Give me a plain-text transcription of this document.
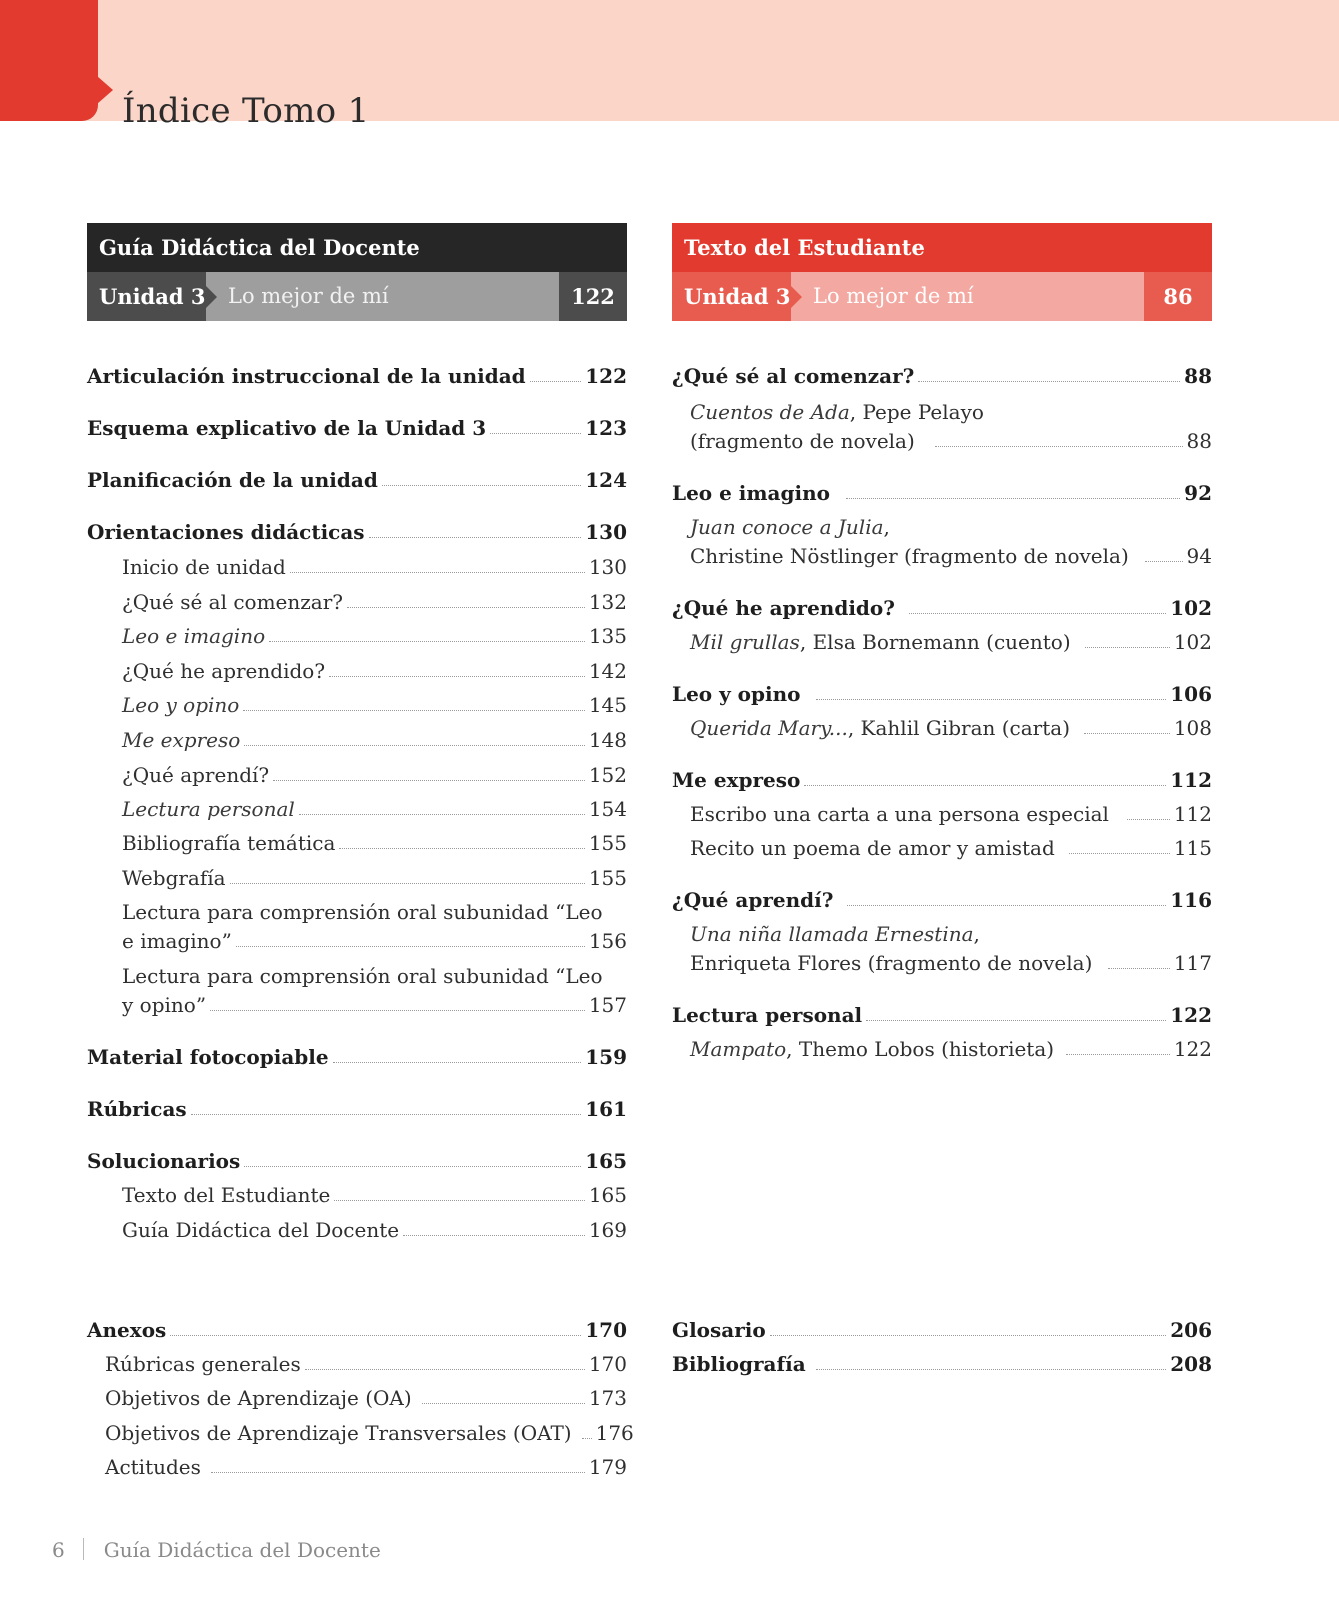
Índice Tomo 1
Guía Didáctica del Docente
Unidad 3	Lo mejor de mí	122
Texto del Estudiante
Unidad 3	Lo mejor de mí	86
Articulación instruccional de la unidad	122
Esquema explicativo de la Unidad 3	123
Planificación de la unidad	124
Orientaciones didácticas	130
Inicio de unidad	130
¿Qué sé al comenzar?	132
Leo e imagino	135
¿Qué he aprendido?	142
Leo y opino	145
Me expreso	148
¿Qué aprendí?	152
Lectura personal	154
Bibliografía temática	155
Webgrafía	155
Lectura para comprensión oral subunidad “Leo
e imagino”	156
Lectura para comprensión oral subunidad “Leo
y opino”	157
Material fotocopiable	159
Rúbricas	161
Solucionarios	165
Texto del Estudiante	165
Guía Didáctica del Docente	169
¿Qué sé al comenzar?	88
Cuentos de Ada, Pepe Pelayo
(fragmento de novela)	88
Leo e imagino	92
Juan conoce a Julia,
Christine Nöstlinger (fragmento de novela)	94
¿Qué he aprendido?	102
Mil grullas, Elsa Bornemann (cuento)	102
Leo y opino	106
Querida Mary..., Kahlil Gibran (carta)	108
Me expreso	112
Escribo una carta a una persona especial	112
Recito un poema de amor y amistad	115
¿Qué aprendí?	116
Una niña llamada Ernestina,
Enriqueta Flores (fragmento de novela)	117
Lectura personal	122
Mampato, Themo Lobos (historieta)	122
Anexos	170
Rúbricas generales	170
Objetivos de Aprendizaje (OA)	173
Objetivos de Aprendizaje Transversales (OAT) 176
Actitudes	179
Glosario	206
Bibliografía	208
6 Guía Didáctica del Docente
